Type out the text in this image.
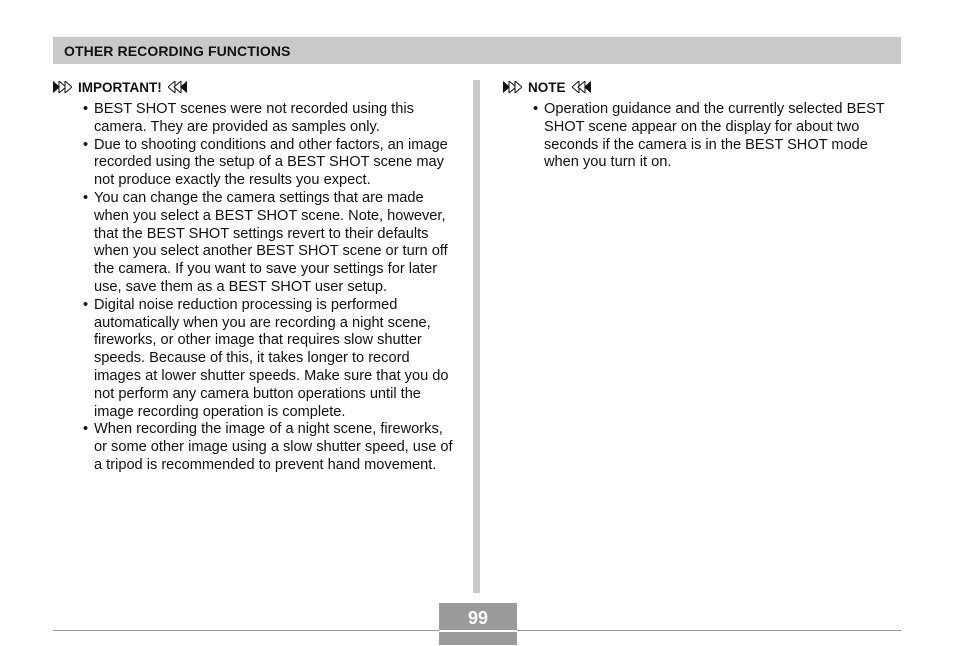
OTHER RECORDING FUNCTIONS
IMPORTANT!
• BEST SHOT scenes were not recorded using this camera. They are provided as samples only.
• Due to shooting conditions and other factors, an image recorded using the setup of a BEST SHOT scene may not produce exactly the results you expect.
• You can change the camera settings that are made when you select a BEST SHOT scene. Note, however, that the BEST SHOT settings revert to their defaults when you select another BEST SHOT scene or turn off the camera. If you want to save your settings for later use, save them as a BEST SHOT user setup.
• Digital noise reduction processing is performed automatically when you are recording a night scene, fireworks, or other image that requires slow shutter speeds. Because of this, it takes longer to record images at lower shutter speeds. Make sure that you do not perform any camera button operations until the image recording operation is complete.
• When recording the image of a night scene, fireworks, or some other image using a slow shutter speed, use of a tripod is recommended to prevent hand movement.
NOTE
• Operation guidance and the currently selected BEST SHOT scene appear on the display for about two seconds if the camera is in the BEST SHOT mode when you turn it on.
99
